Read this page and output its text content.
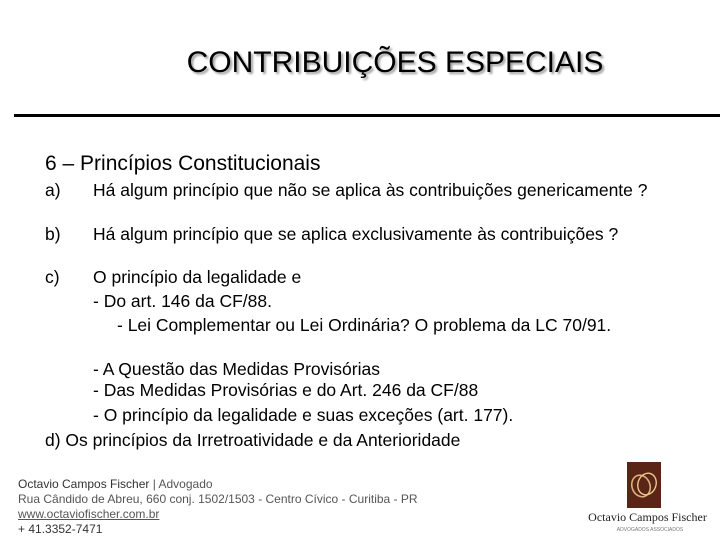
CONTRIBUIÇÕES ESPECIAIS
6 – Princípios Constitucionais
a)	Há algum princípio que não se aplica às contribuições genericamente ?
b)	Há algum princípio que se aplica exclusivamente às contribuições ?
c)	O princípio da legalidade e
- Do art. 146 da CF/88.
- Lei Complementar ou Lei Ordinária? O problema da LC 70/91.
- A Questão das Medidas Provisórias
- Das Medidas Provisórias e do Art. 246 da CF/88
- O princípio da legalidade e suas exceções (art. 177).
d) Os princípios da Irretroatividade e da Anterioridade
Octavio Campos Fischer | Advogado
Rua Cândido de Abreu, 660 conj. 1502/1503 - Centro Cívico - Curitiba - PR
www.octaviofischer.com.br
+ 41.3352-7471
Octavio Campos Fischer
ADVOGADOS ASSOCIADOS
